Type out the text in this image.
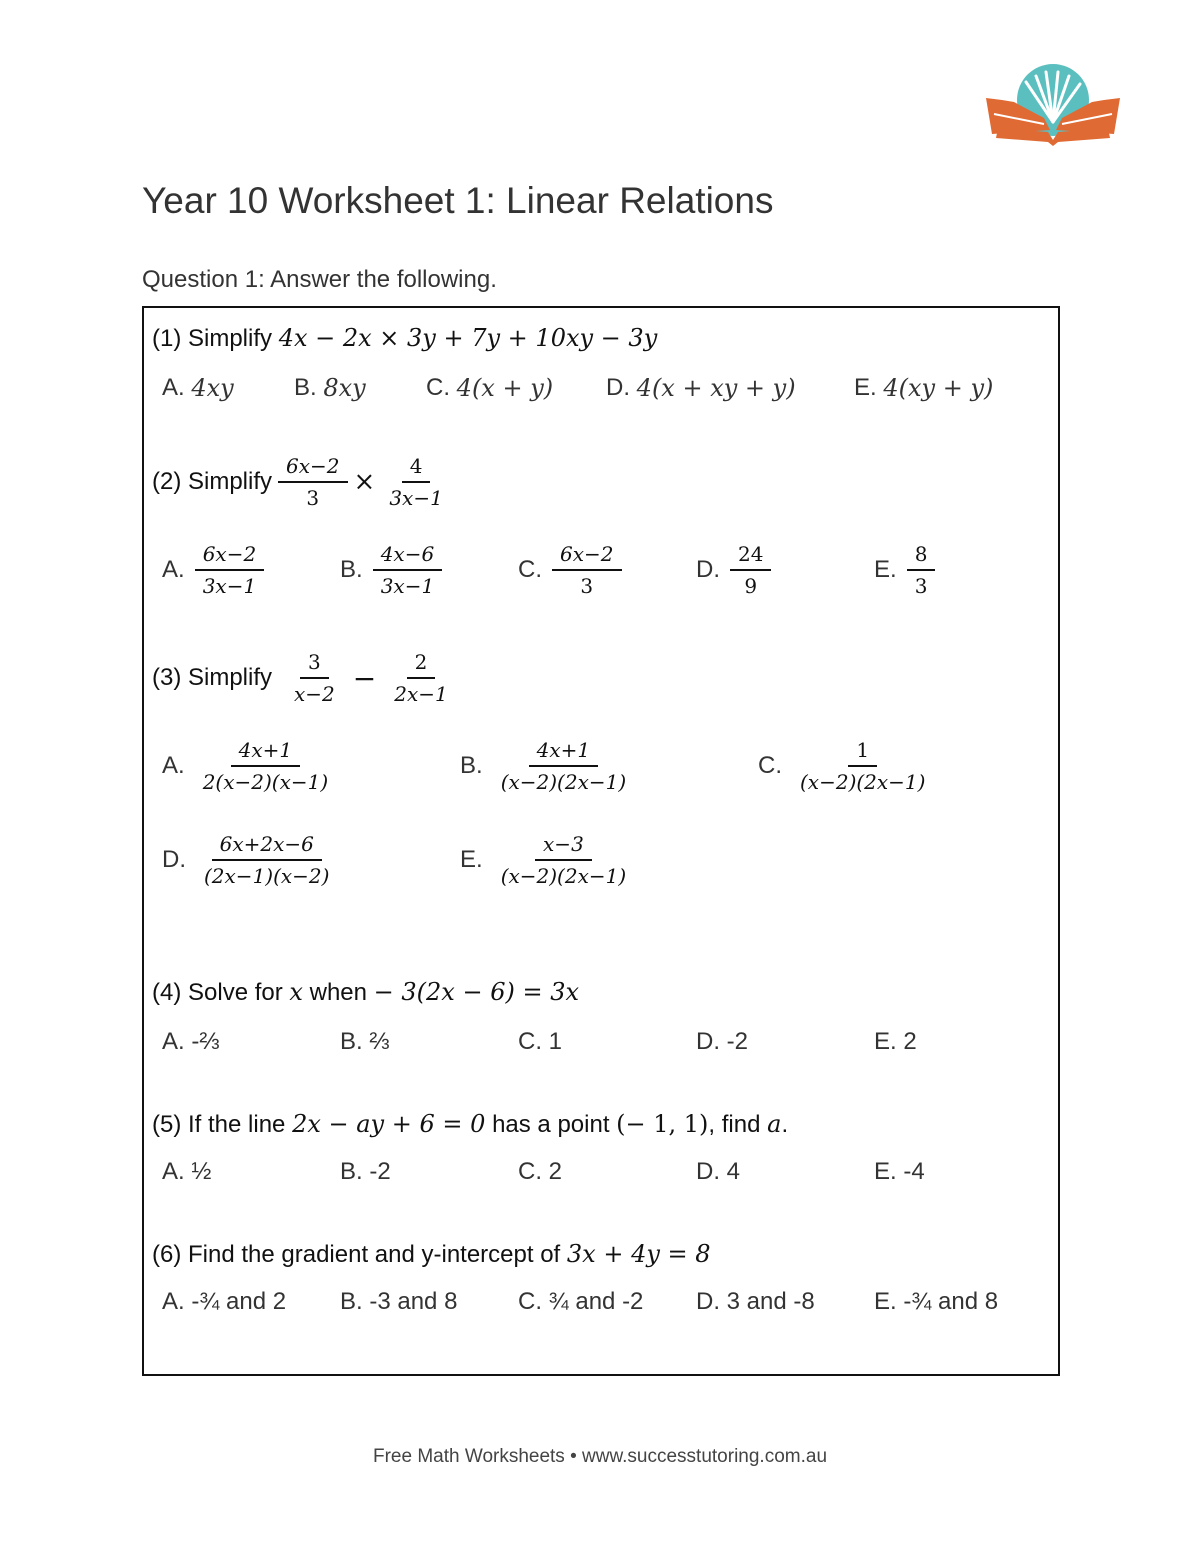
Year 10 Worksheet 1: Linear Relations
Question 1: Answer the following.
(1) Simplify 4x − 2x × 3y + 7y + 10xy − 3y
A.
4xy	B.
8xy	C.
4(x + y) D.
4(x + xy + y) E.
4(xy + y)
(2) Simplify $\frac{6x-2}{3} \times \frac{4}{3x-1}$
A. $\frac{6x-2}{3x-1}$	B. $\frac{4x-6}{3x-1}$	C. $\frac{6x-2}{3}$	D. $\frac{24}{9}$	E. $\frac{8}{3}$
(3) Simplify $\frac{3}{x-2} - \frac{2}{2x-1}$
A. $\frac{4x+1}{2(x-2)(x-1)}$	B. $\frac{4x+1}{(x-2)(2x-1)}$	C. $\frac{1}{(x-2)(2x-1)}$
D. $\frac{6x+2x-6}{(2x-1)(x-2)}$	E. $\frac{x-3}{(x-2)(2x-1)}$
(4) Solve for x when − 3(2x − 6) = 3x
A. -⅔	B. ⅔	C. 1	D. -2	E. 2
(5) If the line 2x − ay + 6 = 0 has a point (− 1, 1), find a.
A. ½	B. -2	C. 2	D. 4	E. -4
(6) Find the gradient and y-intercept of 3x + 4y = 8
A. -¾ and 2 B. -3 and 8	C. ¾ and -2 D. 3 and -8 E. -¾ and 8
Free Math Worksheets • www.successtutoring.com.au
